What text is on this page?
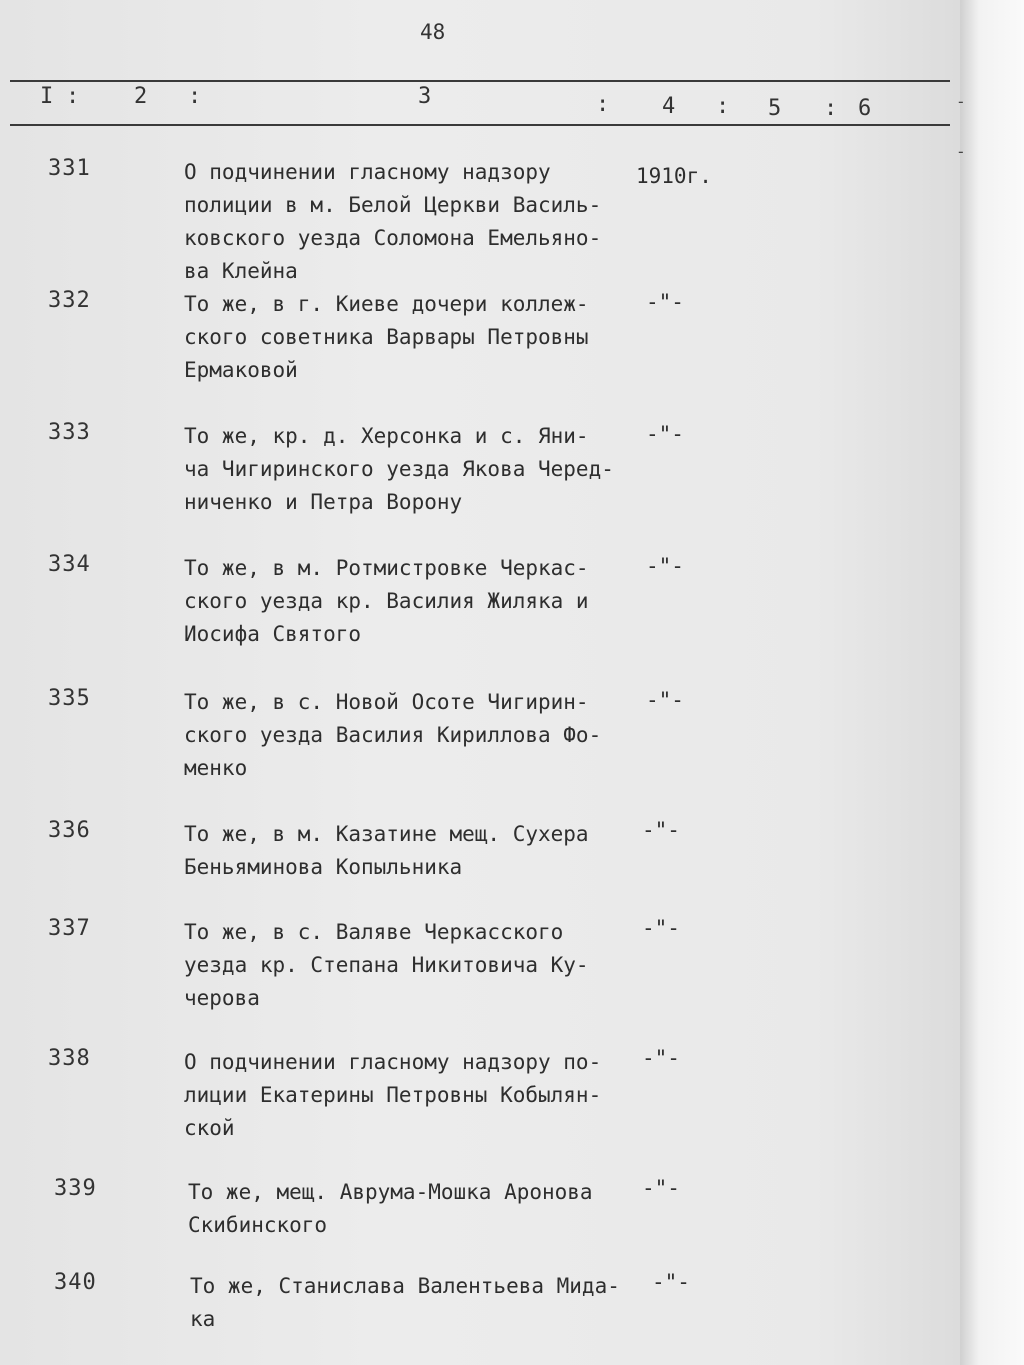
-
-
48
I : 2 :	3	: 4 : 5 : 6
331	О подчинении гласному надзору
полиции в м. Белой Церкви Василь-
ковского уезда Соломона Емельяно-
ва Клейна
1910г.
332	То же, в г. Киеве дочери коллеж-
ского советника Варвары Петровны
Ермаковой
-"-
333	То же, кр. д. Херсонка и с. Яни-
ча Чигиринского уезда Якова Черед-
ниченко и Петра Ворону
-"-
334	То же, в м. Ротмистровке Черкас-
ского уезда кр. Василия Жиляка и
Иосифа Святого
-"-
335	То же, в с. Новой Осоте Чигирин-
ского уезда Василия Кириллова Фо-
менко
-"-
336	То же, в м. Казатине мещ. Сухера
Беньяминова Копыльника
-"-
337	То же, в с. Валяве Черкасского
уезда кр. Степана Никитовича Ку-
черова
-"-
338	О подчинении гласному надзору по-
лиции Екатерины Петровны Кобылян-
ской
-"-
339	То же, мещ. Аврума-Мошка Аронова
Скибинского
-"-
340	То же, Станислава Валентьева Мида-
ка
-"-
